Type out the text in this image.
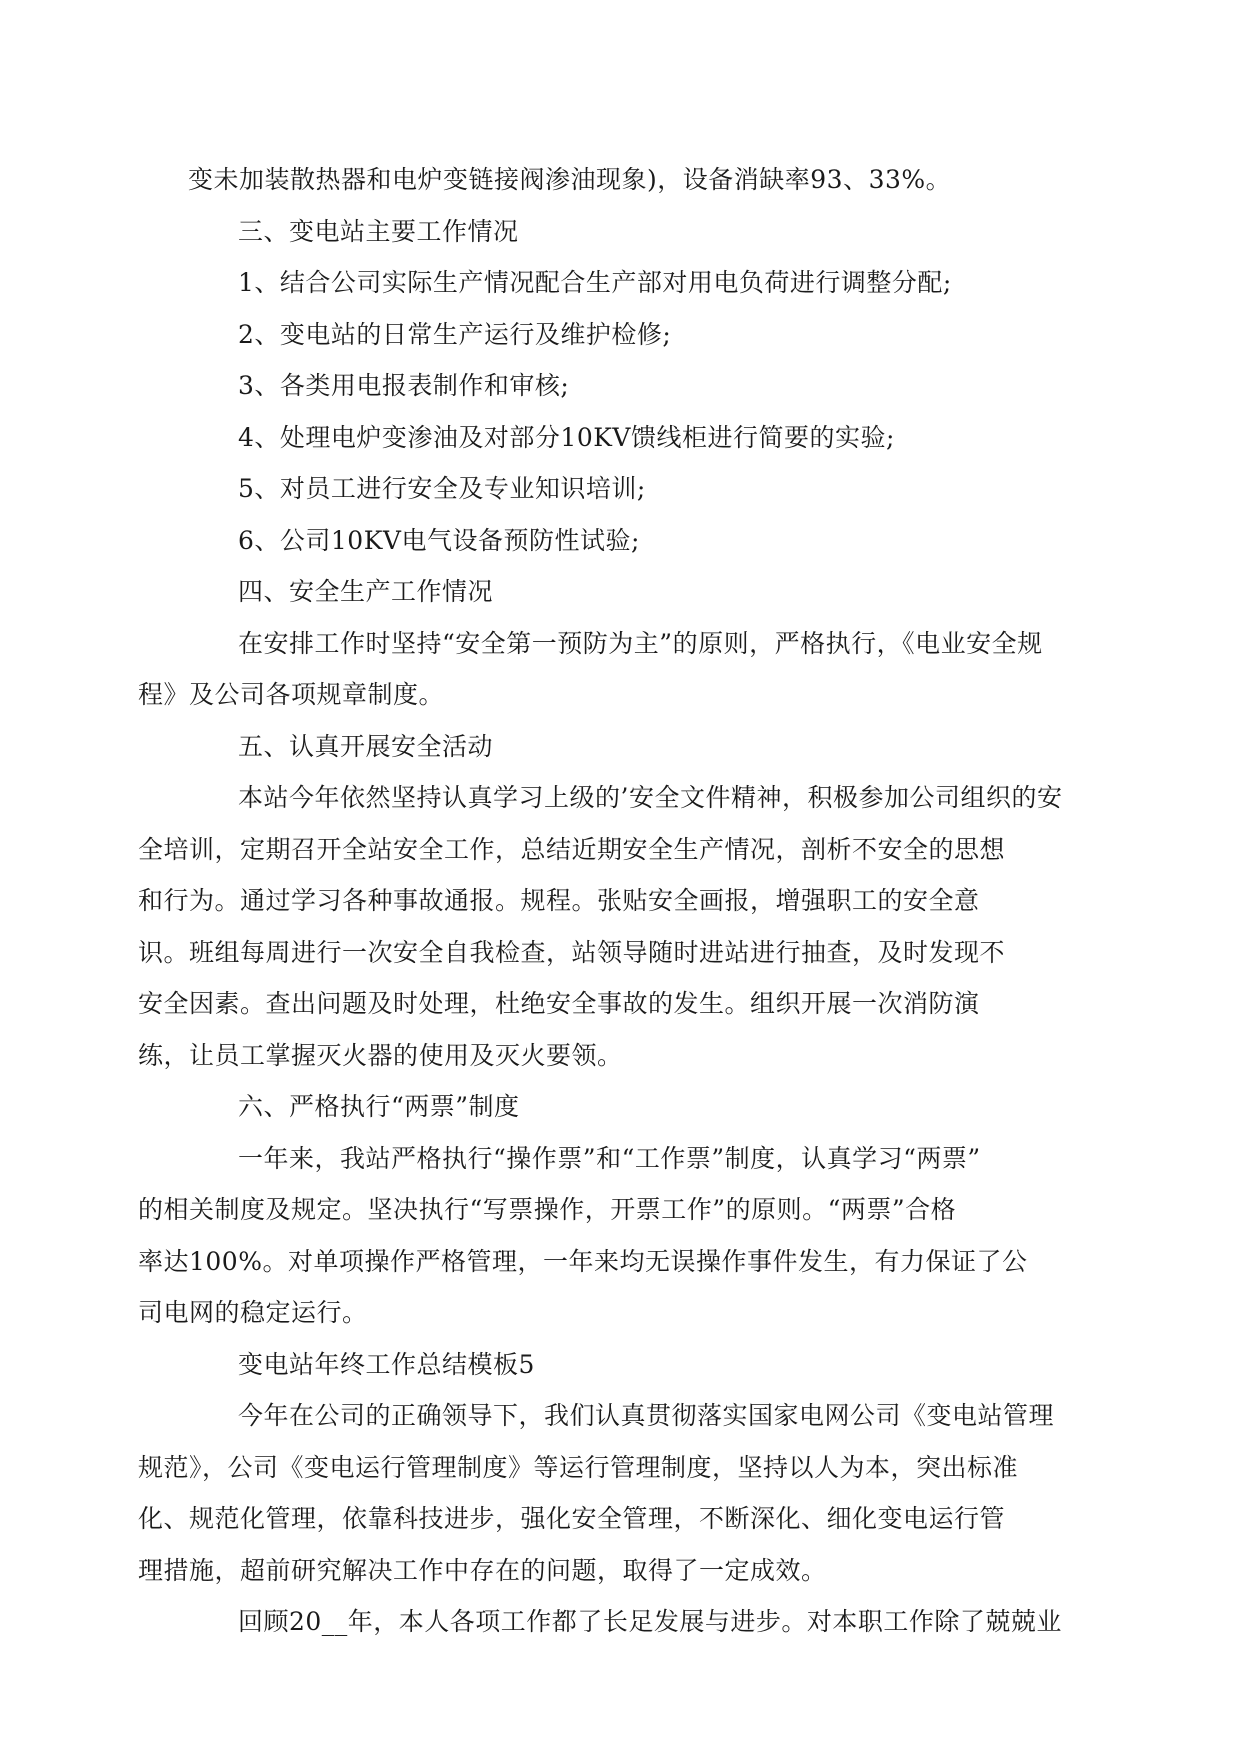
变未加装散热器和电炉变链接阀渗油现象)，设备消缺率93、33%。

三、变电站主要工作情况

1、结合公司实际生产情况配合生产部对用电负荷进行调整分配;

2、变电站的日常生产运行及维护检修;

3、各类用电报表制作和审核;

4、处理电炉变渗油及对部分10KV馈线柜进行简要的实验;

5、对员工进行安全及专业知识培训;

6、公司10KV电气设备预防性试验;

四、安全生产工作情况

在安排工作时坚持“安全第一预防为主”的原则，严格执行，《电业安全规
程》及公司各项规章制度。

五、认真开展安全活动

本站今年依然坚持认真学习上级的’安全文件精神，积极参加公司组织的安
全培训，定期召开全站安全工作，总结近期安全生产情况，剖析不安全的思想
和行为。通过学习各种事故通报。规程。张贴安全画报，增强职工的安全意
识。班组每周进行一次安全自我检查，站领导随时进站进行抽查，及时发现不
安全因素。查出问题及时处理，杜绝安全事故的发生。组织开展一次消防演
练，让员工掌握灭火器的使用及灭火要领。

六、严格执行“两票”制度

一年来，我站严格执行“操作票”和“工作票”制度，认真学习“两票”
的相关制度及规定。坚决执行“写票操作，开票工作”的原则。“两票”合格
率达100%。对单项操作严格管理，一年来均无误操作事件发生，有力保证了公
司电网的稳定运行。

变电站年终工作总结模板5

今年在公司的正确领导下，我们认真贯彻落实国家电网公司《变电站管理
规范》，公司《变电运行管理制度》等运行管理制度，坚持以人为本，突出标准
化、规范化管理，依靠科技进步，强化安全管理，不断深化、细化变电运行管
理措施，超前研究解决工作中存在的问题，取得了一定成效。

回顾20__年，本人各项工作都了长足发展与进步。对本职工作除了兢兢业
